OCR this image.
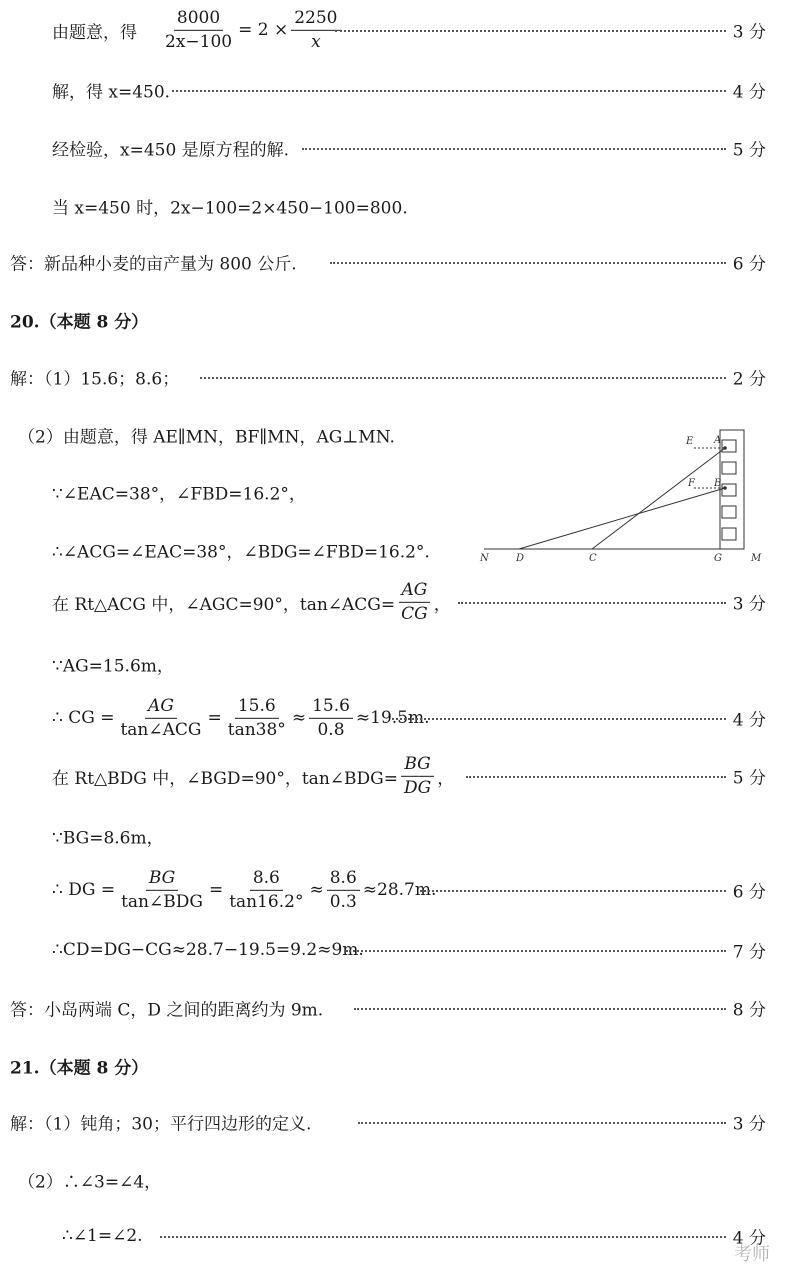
由题意，得 $\frac{8000}{2x-100} = 2 \times \frac{2250}{x}$	3 分
解，得 x=450.	4 分
经检验，x=450 是原方程的解.	5 分
当 x=450 时，2x−100=2×450−100=800.
答：新品种小麦的亩产量为 800 公斤.	6 分
20.（本题 8 分）
解：（1）15.6；8.6；	2 分
（2）由题意，得 AE∥MN，BF∥MN，AG⊥MN.
∵∠EAC=38°，∠FBD=16.2°，
∴∠ACG=∠EAC=38°，∠BDG=∠FBD=16.2°.
E A
F B
N	D	C	G	M
在 Rt△ACG 中，∠AGC=90°，tan∠ACG= $\frac{AG}{CG}$ ，	3 分
∵AG=15.6m，
∴ CG = $\frac{AG}{\text{tan∠ACG}} = \frac{15.6}{\tan 38^\circ} \approx \frac{15.6}{0.8} \approx 19.5m$.	4 分
在 Rt△BDG 中，∠BGD=90°，tan∠BDG= $\frac{BG}{DG}$ ，	5 分
∵BG=8.6m，
∴ DG = $\frac{BG}{\text{tan∠BDG}} = \frac{8.6}{\tan 16.2^\circ} \approx \frac{8.6}{0.3} \approx 28.7m$.	6 分
∴CD=DG−CG≈28.7−19.5=9.2≈9m.	7 分
答：小岛两端 C，D 之间的距离约为 9m.	8 分
21.（本题 8 分）
解：（1）钝角；30；平行四边形的定义.	3 分
（2）∴∠3=∠4，
∴∠1=∠2.	4 分
考师
